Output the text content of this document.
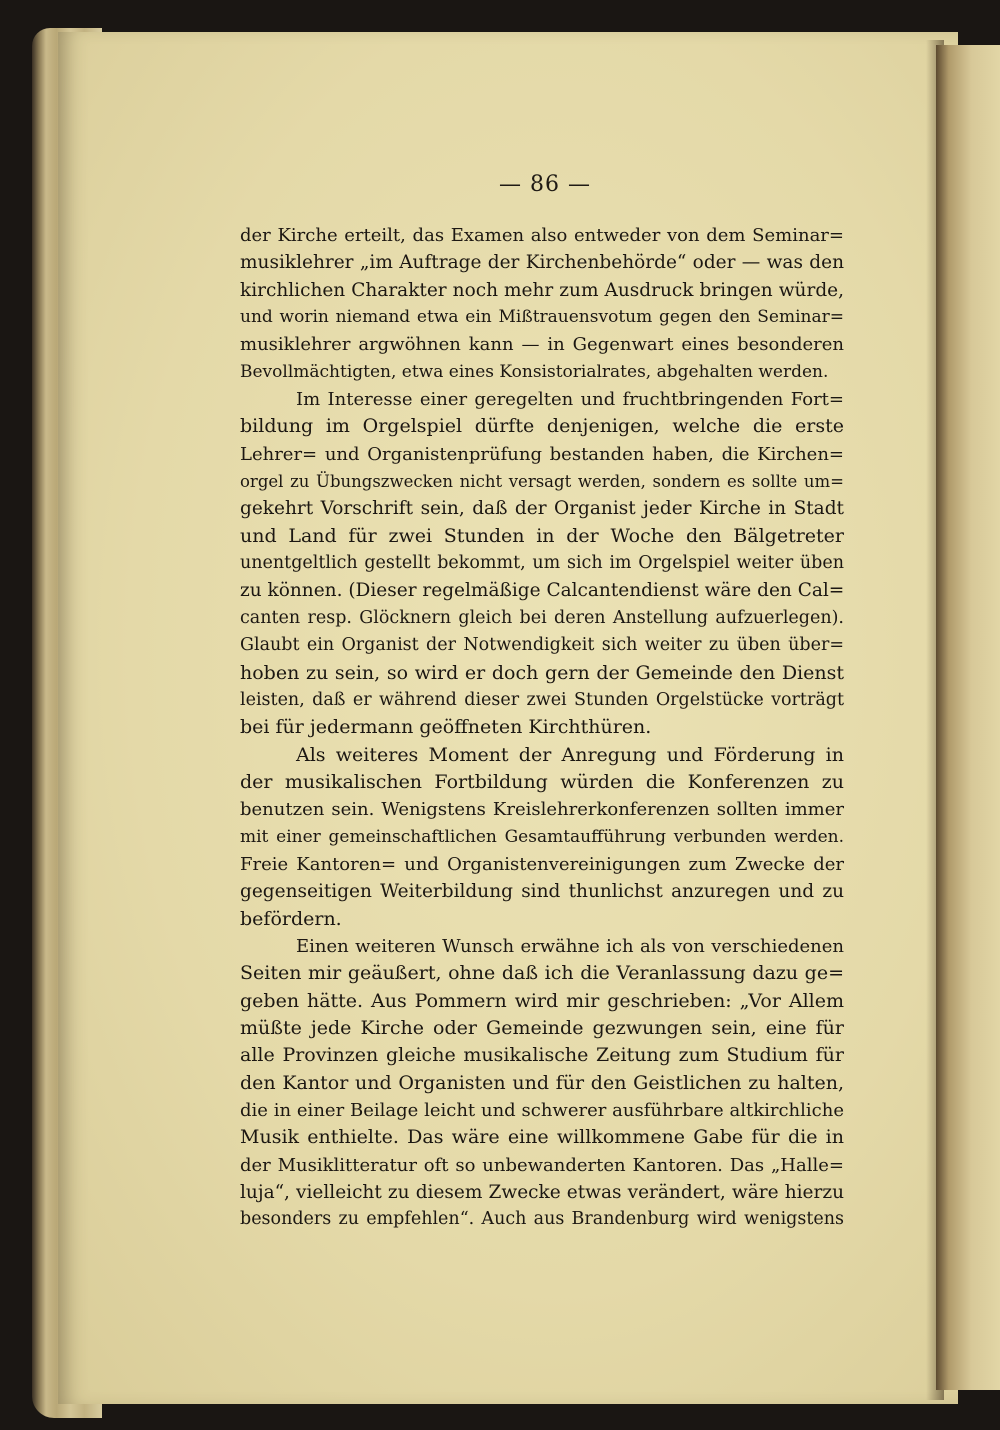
— 86 —
der Kirche erteilt, das Examen also entweder von dem Seminar=
musiklehrer „im Auftrage der Kirchenbehörde“ oder — was den
kirchlichen Charakter noch mehr zum Ausdruck bringen würde,
und worin niemand etwa ein Mißtrauensvotum gegen den Seminar=
musiklehrer argwöhnen kann — in Gegenwart eines besonderen
Bevollmächtigten, etwa eines Konsistorialrates, abgehalten werden.
Im Interesse einer geregelten und fruchtbringenden Fort=
bildung im Orgelspiel dürfte denjenigen, welche die erste
Lehrer= und Organistenprüfung bestanden haben, die Kirchen=
orgel zu Übungszwecken nicht versagt werden, sondern es sollte um=
gekehrt Vorschrift sein, daß der Organist jeder Kirche in Stadt
und Land für zwei Stunden in der Woche den Bälgetreter
unentgeltlich gestellt bekommt, um sich im Orgelspiel weiter üben
zu können. (Dieser regelmäßige Calcantendienst wäre den Cal=
canten resp. Glöcknern gleich bei deren Anstellung aufzuerlegen).
Glaubt ein Organist der Notwendigkeit sich weiter zu üben über=
hoben zu sein, so wird er doch gern der Gemeinde den Dienst
leisten, daß er während dieser zwei Stunden Orgelstücke vorträgt
bei für jedermann geöffneten Kirchthüren.
Als weiteres Moment der Anregung und Förderung in
der musikalischen Fortbildung würden die Konferenzen zu
benutzen sein. Wenigstens Kreislehrerkonferenzen sollten immer
mit einer gemeinschaftlichen Gesamtaufführung verbunden werden.
Freie Kantoren= und Organistenvereinigungen zum Zwecke der
gegenseitigen Weiterbildung sind thunlichst anzuregen und zu
befördern.
Einen weiteren Wunsch erwähne ich als von verschiedenen
Seiten mir geäußert, ohne daß ich die Veranlassung dazu ge=
geben hätte. Aus Pommern wird mir geschrieben: „Vor Allem
müßte jede Kirche oder Gemeinde gezwungen sein, eine für
alle Provinzen gleiche musikalische Zeitung zum Studium für
den Kantor und Organisten und für den Geistlichen zu halten,
die in einer Beilage leicht und schwerer ausführbare altkirchliche
Musik enthielte. Das wäre eine willkommene Gabe für die in
der Musiklitteratur oft so unbewanderten Kantoren. Das „Halle=
luja“, vielleicht zu diesem Zwecke etwas verändert, wäre hierzu
besonders zu empfehlen“. Auch aus Brandenburg wird wenigstens
